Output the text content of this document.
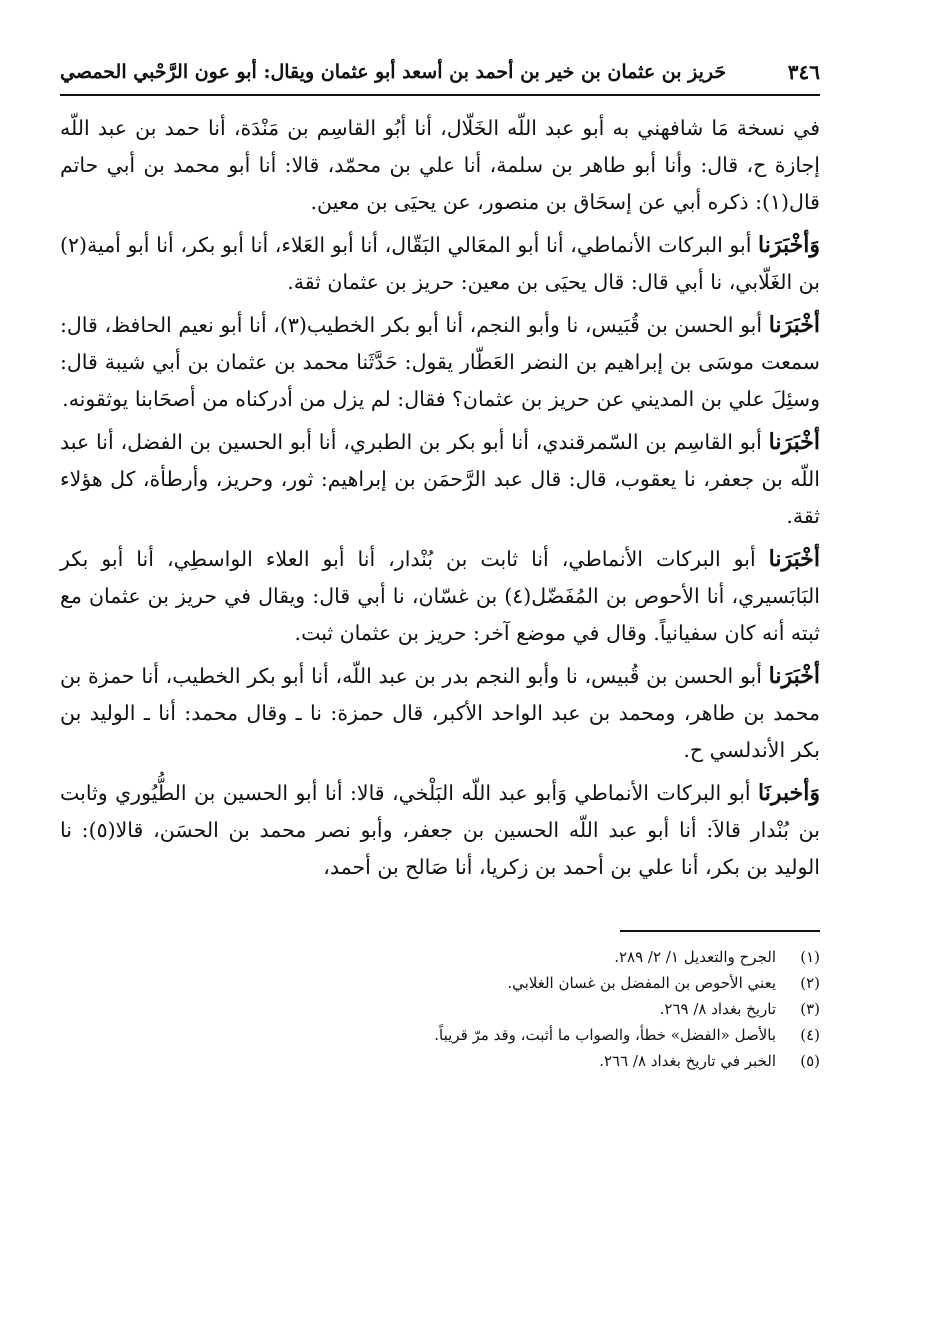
٣٤٦
حَريز بن عثمان بن خير بن أحمد بن أسعد أبو عثمان ويقال: أبو عون الرَّحْبي الحمصي

في نسخة مَا شافهني به أبو عبد اللّه الخَلّال، أنا أبُو القاسِم بن مَنْدَة، أنا حمد بن عبد اللّه إجازة ح، قال: وأنا أبو طاهر بن سلمة، أنا علي بن محمّد، قالا: أنا أبو محمد بن أبي حاتم قال(١): ذكره أبي عن إسحَاق بن منصور، عن يحيَى بن معين.

وَأخْبَرَنا أبو البركات الأنماطي، أنا أبو المعَالي البَقّال، أنا أبو العَلاء، أنا أبو بكر، أنا أبو أمية(٢) بن الغَلّابي، نا أبي قال: قال يحيَى بن معين: حريز بن عثمان ثقة.

أخْبَرَنا أبو الحسن بن قُبَيس، نا وأبو النجم، أنا أبو بكر الخطيب(٣)، أنا أبو نعيم الحافظ، قال: سمعت موسَى بن إبراهيم بن النضر العَطّار يقول: حَدَّثَنا محمد بن عثمان بن أبي شيبة قال: وسئِلَ علي بن المديني عن حريز بن عثمان؟ فقال: لم يزل من أدركناه من أصحَابنا يوثقونه.

أخْبَرَنا أبو القاسِم بن السّمرقندي، أنا أبو بكر بن الطبري، أنا أبو الحسين بن الفضل، أنا عبد اللّه بن جعفر، نا يعقوب، قال: قال عبد الرَّحمَن بن إبراهيم: ثور، وحريز، وأرطأة، كل هؤلاء ثقة.

أخْبَرَنا أبو البركات الأنماطي، أنا ثابت بن بُنْدار، أنا أبو العلاء الواسطِي، أنا أبو بكر البَابَسيري، أنا الأحوص بن المُفَضّل(٤) بن غسّان، نا أبي قال: ويقال في حريز بن عثمان مع ثبته أنه كان سفيانياً. وقال في موضع آخر: حريز بن عثمان ثبت.

أخْبَرَنا أبو الحسن بن قُبيس، نا وأبو النجم بدر بن عبد اللّه، أنا أبو بكر الخطيب، أنا حمزة بن محمد بن طاهر، ومحمد بن عبد الواحد الأكبر، قال حمزة: نا ـ وقال محمد: أنا ـ الوليد بن بكر الأندلسي ح.

وَأخبرنَا أبو البركات الأنماطي وَأبو عبد اللّه البَلْخي، قالا: أنا أبو الحسين بن الطُّيُوري وثابت بن بُنْدار قالاَ: أنا أبو عبد اللّه الحسين بن جعفر، وأبو نصر محمد بن الحسَن، قالا(٥): نا الوليد بن بكر، أنا علي بن أحمد بن زكريا، أنا صَالح بن أحمد،

(١)
الجرح والتعديل ١/ ٢/ ٢٨٩.
(٢)
يعني الأحوص بن المفضل بن غسان الغلابي.
(٣)
تاريخ بغداد ٨/ ٢٦٩.
(٤)
بالأصل «الفضل» خطأ، والصواب ما أثبت، وقد مرّ قريباً.
(٥)
الخبر في تاريخ بغداد ٨/ ٢٦٦.
